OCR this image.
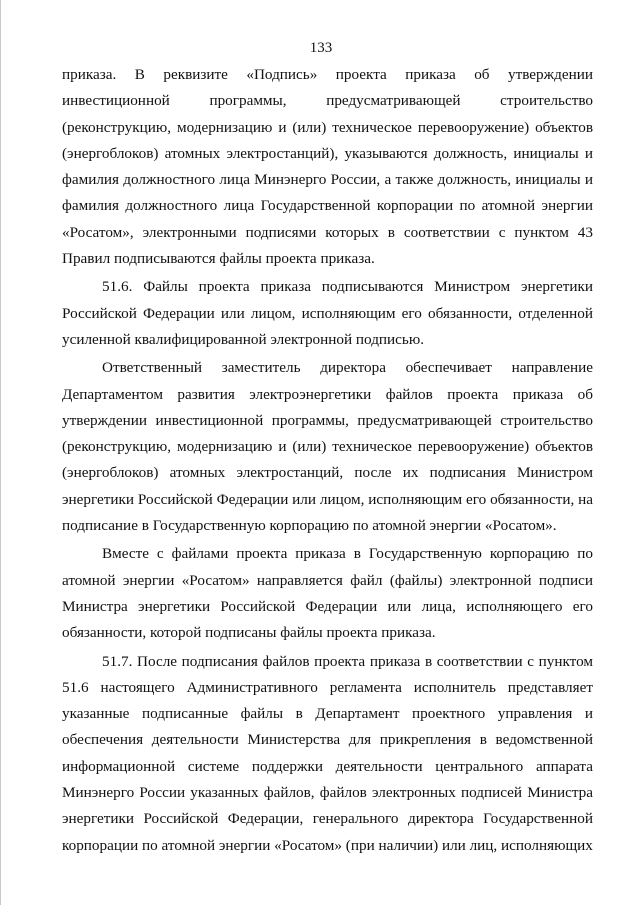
133

приказа. В реквизите «Подпись» проекта приказа об утверждении инвестиционной программы, предусматривающей строительство (реконструкцию, модернизацию и (или) техническое перевооружение) объектов (энергоблоков) атомных электростанций), указываются должность, инициалы и фамилия должностного лица Минэнерго России, а также должность, инициалы и фамилия должностного лица Государственной корпорации по атомной энергии «Росатом», электронными подписями которых в соответствии с пунктом 43 Правил подписываются файлы проекта приказа.

51.6. Файлы проекта приказа подписываются Министром энергетики Российской Федерации или лицом, исполняющим его обязанности, отделенной усиленной квалифицированной электронной подписью.

Ответственный заместитель директора обеспечивает направление Департаментом развития электроэнергетики файлов проекта приказа об утверждении инвестиционной программы, предусматривающей строительство (реконструкцию, модернизацию и (или) техническое перевооружение) объектов (энергоблоков) атомных электростанций, после их подписания Министром энергетики Российской Федерации или лицом, исполняющим его обязанности, на подписание в Государственную корпорацию по атомной энергии «Росатом».

Вместе с файлами проекта приказа в Государственную корпорацию по атомной энергии «Росатом» направляется файл (файлы) электронной подписи Министра энергетики Российской Федерации или лица, исполняющего его обязанности, которой подписаны файлы проекта приказа.

51.7. После подписания файлов проекта приказа в соответствии с пунктом 51.6 настоящего Административного регламента исполнитель представляет указанные подписанные файлы в Департамент проектного управления и обеспечения деятельности Министерства для прикрепления в ведомственной информационной системе поддержки деятельности центрального аппарата Минэнерго России указанных файлов, файлов электронных подписей Министра энергетики Российской Федерации, генерального директора Государственной корпорации по атомной энергии «Росатом» (при наличии) или лиц, исполняющих
